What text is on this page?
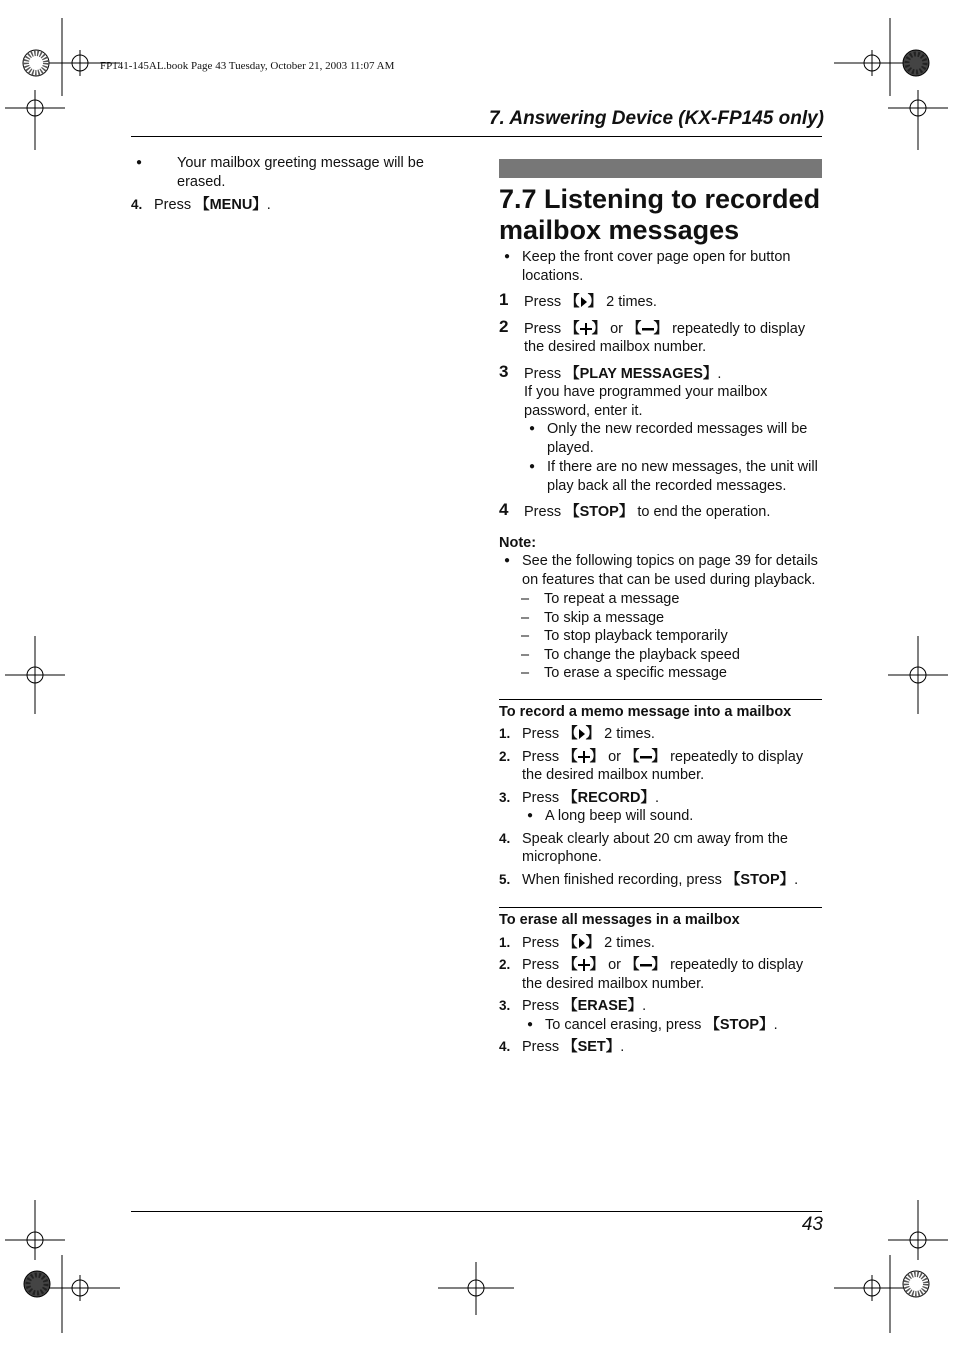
FP141-145AL.book Page 43 Tuesday, October 21, 2003 11:07 AM
7. Answering Device (KX-FP145 only)
● Your mailbox greeting message will be erased.
4. Press 【MENU】.	7.7 Listening to recorded mailbox messages
● Keep the front cover page open for button locations.
1 Press 【 】 2 times.
2 Press 【 】 or 【 】 repeatedly to display the desired mailbox number.
3 Press 【PLAY MESSAGES】.
If you have programmed your mailbox password, enter it.
● Only the new recorded messages will be played.
● If there are no new messages, the unit will play back all the recorded messages.
4 Press 【STOP】 to end the operation.
Note:
● See the following topics on page 39 for details on features that can be used during playback.
– To repeat a message
– To skip a message
– To stop playback temporarily
– To change the playback speed
– To erase a specific message
To record a memo message into a mailbox
1. Press 【 】 2 times.
2. Press 【 】 or 【 】 repeatedly to display the desired mailbox number.
3. Press 【RECORD】.
● A long beep will sound.
4. Speak clearly about 20 cm away from the microphone.
5. When finished recording, press 【STOP】.
To erase all messages in a mailbox
1. Press 【 】 2 times.
2. Press 【 】 or 【 】 repeatedly to display the desired mailbox number.
3. Press 【ERASE】.
● To cancel erasing, press 【STOP】.
4. Press 【SET】.
43
